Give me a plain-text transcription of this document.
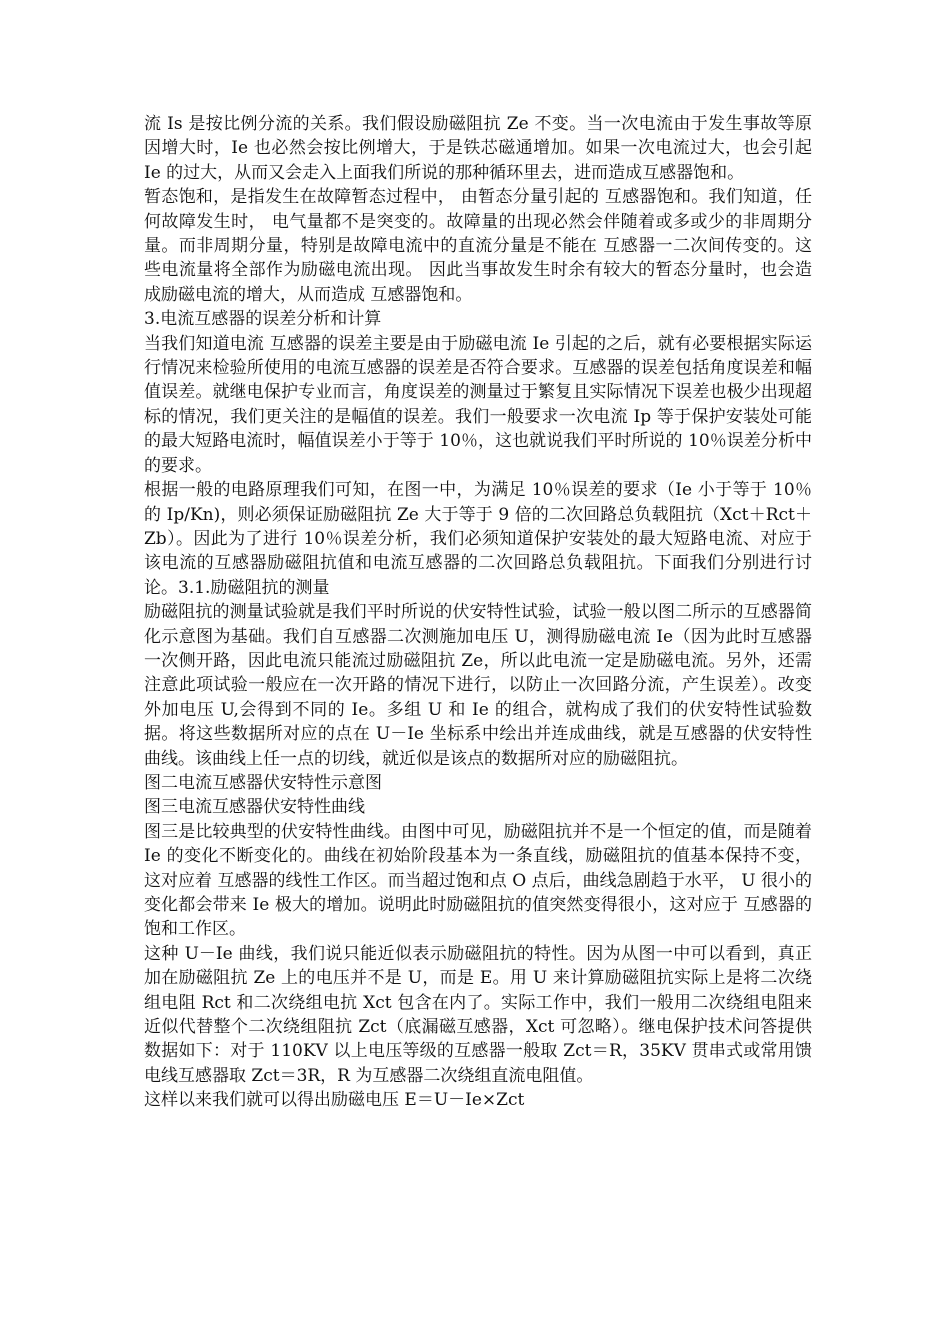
流 Is 是按比例分流的关系。我们假设励磁阻抗 Ze 不变。当一次电流由于发生事故等原因增大时，Ie 也必然会按比例增大，于是铁芯磁通增加。如果一次电流过大，也会引起 Ie 的过大，从而又会走入上面我们所说的那种循环里去，进而造成互感器饱和。

暂态饱和，是指发生在故障暂态过程中， 由暂态分量引起的 互感器饱和。我们知道，任何故障发生时， 电气量都不是突变的。故障量的出现必然会伴随着或多或少的非周期分量。而非周期分量，特别是故障电流中的直流分量是不能在 互感器一二次间传变的。这些电流量将全部作为励磁电流出现。 因此当事故发生时余有较大的暂态分量时，也会造成励磁电流的增大，从而造成 互感器饱和。

3.电流互感器的误差分析和计算

当我们知道电流 互感器的误差主要是由于励磁电流 Ie 引起的之后，就有必要根据实际运行情况来检验所使用的电流互感器的误差是否符合要求。互感器的误差包括角度误差和幅值误差。就继电保护专业而言，角度误差的测量过于繁复且实际情况下误差也极少出现超标的情况，我们更关注的是幅值的误差。我们一般要求一次电流 Ip 等于保护安装处可能的最大短路电流时，幅值误差小于等于 10％，这也就说我们平时所说的 10％误差分析中的要求。

根据一般的电路原理我们可知，在图一中，为满足 10％误差的要求（Ie 小于等于 10％的 Ip/Kn)，则必须保证励磁阻抗 Ze 大于等于 9 倍的二次回路总负载阻抗（Xct＋Rct＋Zb）。因此为了进行 10％误差分析，我们必须知道保护安装处的最大短路电流、对应于该电流的互感器励磁阻抗值和电流互感器的二次回路总负载阻抗。下面我们分别进行讨论。3.1.励磁阻抗的测量

励磁阻抗的测量试验就是我们平时所说的伏安特性试验，试验一般以图二所示的互感器简化示意图为基础。我们自互感器二次测施加电压 U，测得励磁电流 Ie（因为此时互感器一次侧开路，因此电流只能流过励磁阻抗 Ze，所以此电流一定是励磁电流。另外，还需注意此项试验一般应在一次开路的情况下进行，以防止一次回路分流，产生误差）。改变外加电压 U,会得到不同的 Ie。多组 U 和 Ie 的组合，就构成了我们的伏安特性试验数据。将这些数据所对应的点在 U－Ie 坐标系中绘出并连成曲线，就是互感器的伏安特性曲线。该曲线上任一点的切线，就近似是该点的数据所对应的励磁阻抗。

图二电流互感器伏安特性示意图

图三电流互感器伏安特性曲线

图三是比较典型的伏安特性曲线。由图中可见，励磁阻抗并不是一个恒定的值，而是随着 Ie 的变化不断变化的。曲线在初始阶段基本为一条直线，励磁阻抗的值基本保持不变，这对应着 互感器的线性工作区。而当超过饱和点 O 点后，曲线急剧趋于水平， U 很小的变化都会带来 Ie 极大的增加。说明此时励磁阻抗的值突然变得很小，这对应于 互感器的饱和工作区。

这种 U－Ie 曲线，我们说只能近似表示励磁阻抗的特性。因为从图一中可以看到，真正加在励磁阻抗 Ze 上的电压并不是 U，而是 E。用 U 来计算励磁阻抗实际上是将二次绕组电阻 Rct 和二次绕组电抗 Xct 包含在内了。实际工作中，我们一般用二次绕组电阻来近似代替整个二次绕组阻抗 Zct（底漏磁互感器，Xct 可忽略）。继电保护技术问答提供数据如下：对于 110KV 以上电压等级的互感器一般取 Zct＝R，35KV 贯串式或常用馈电线互感器取 Zct＝3R，R 为互感器二次绕组直流电阻值。

这样以来我们就可以得出励磁电压 E＝U－Ie×Zct
